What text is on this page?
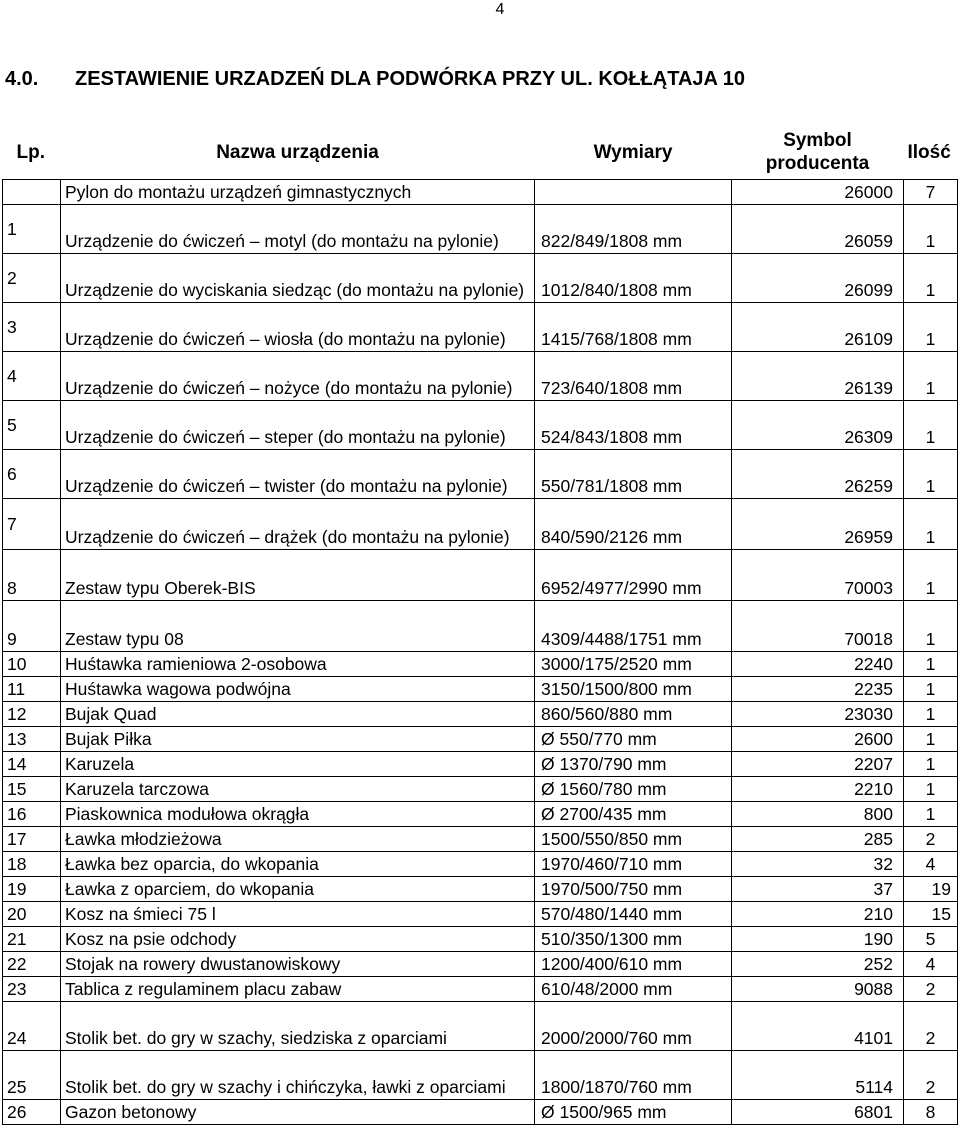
4
4.0. ZESTAWIENIE URZADZEŃ DLA PODWÓRKA PRZY UL. KOŁŁĄTAJA 10
Lp.	Nazwa urządzenia	Wymiary	Symbol producenta	Ilość
	Pylon do montażu urządzeń gimnastycznych		26000	7
1	Urządzenie do ćwiczeń – motyl (do montażu na pylonie)	822/849/1808 mm	26059	1
2	Urządzenie do wyciskania siedząc (do montażu na pylonie)	1012/840/1808 mm	26099	1
3	Urządzenie do ćwiczeń – wiosła (do montażu na pylonie)	1415/768/1808 mm	26109	1
4	Urządzenie do ćwiczeń – nożyce (do montażu na pylonie)	723/640/1808 mm	26139	1
5	Urządzenie do ćwiczeń – steper (do montażu na pylonie)	524/843/1808 mm	26309	1
6	Urządzenie do ćwiczeń – twister (do montażu na pylonie)	550/781/1808 mm	26259	1
7	Urządzenie do ćwiczeń – drążek (do montażu na pylonie)	840/590/2126 mm	26959	1
8	Zestaw typu Oberek-BIS	6952/4977/2990 mm	70003	1
9	Zestaw typu 08	4309/4488/1751 mm	70018	1
10	Huśtawka ramieniowa 2-osobowa	3000/175/2520 mm	2240	1
11	Huśtawka wagowa podwójna	3150/1500/800 mm	2235	1
12	Bujak Quad	860/560/880 mm	23030	1
13	Bujak Piłka	Ø 550/770 mm	2600	1
14	Karuzela	Ø 1370/790 mm	2207	1
15	Karuzela tarczowa	Ø 1560/780 mm	2210	1
16	Piaskownica modułowa okrągła	Ø 2700/435 mm	800	1
17	Ławka młodzieżowa	1500/550/850 mm	285	2
18	Ławka bez oparcia, do wkopania	1970/460/710 mm	32	4
19	Ławka z oparciem, do wkopania	1970/500/750 mm	37	19
20	Kosz na śmieci 75 l	570/480/1440 mm	210	15
21	Kosz na psie odchody	510/350/1300 mm	190	5
22	Stojak na rowery dwustanowiskowy	1200/400/610 mm	252	4
23	Tablica z regulaminem placu zabaw	610/48/2000 mm	9088	2
24	Stolik bet. do gry w szachy, siedziska z oparciami	2000/2000/760 mm	4101	2
25	Stolik bet. do gry w szachy i chińczyka, ławki z oparciami	1800/1870/760 mm	5114	2
26	Gazon betonowy	Ø 1500/965 mm	6801	8
